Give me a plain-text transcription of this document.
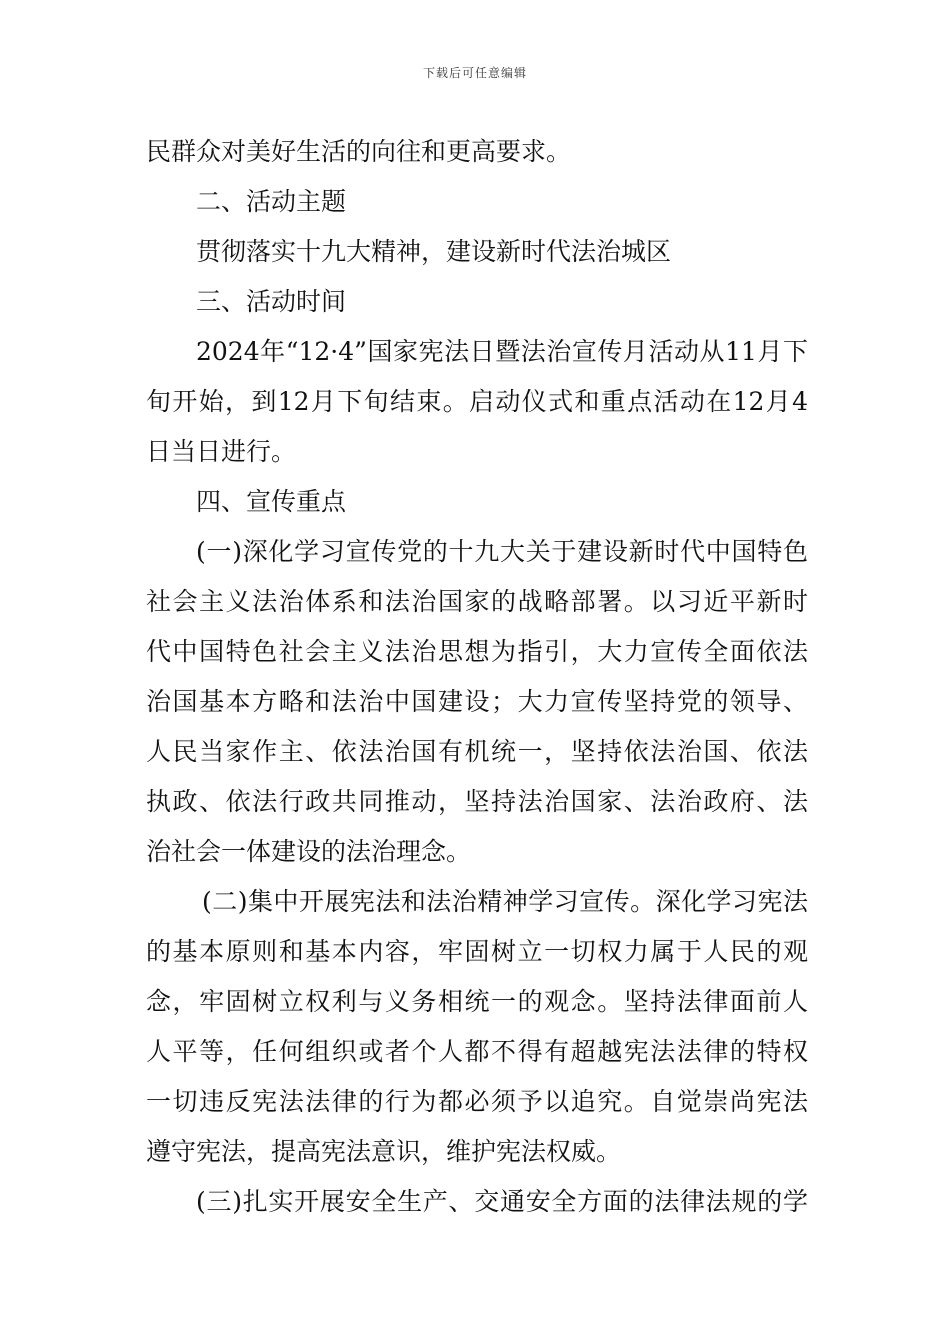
下载后可任意编辑
民群众对美好生活的向往和更高要求。
二、活动主题
贯彻落实十九大精神，建设新时代法治城区
三、活动时间
2024年“12·4”国家宪法日暨法治宣传月活动从11月下
旬开始，到12月下旬结束。启动仪式和重点活动在12月4
日当日进行。
四、宣传重点
(一)深化学习宣传党的十九大关于建设新时代中国特色
社会主义法治体系和法治国家的战略部署。以习近平新时
代中国特色社会主义法治思想为指引，大力宣传全面依法
治国基本方略和法治中国建设；大力宣传坚持党的领导、
人民当家作主、依法治国有机统一，坚持依法治国、依法
执政、依法行政共同推动，坚持法治国家、法治政府、法
治社会一体建设的法治理念。
(二)集中开展宪法和法治精神学习宣传。深化学习宪法
的基本原则和基本内容，牢固树立一切权力属于人民的观
念，牢固树立权利与义务相统一的观念。坚持法律面前人
人平等，任何组织或者个人都不得有超越宪法法律的特权
一切违反宪法法律的行为都必须予以追究。自觉崇尚宪法
遵守宪法，提高宪法意识，维护宪法权威。
(三)扎实开展安全生产、交通安全方面的法律法规的学
